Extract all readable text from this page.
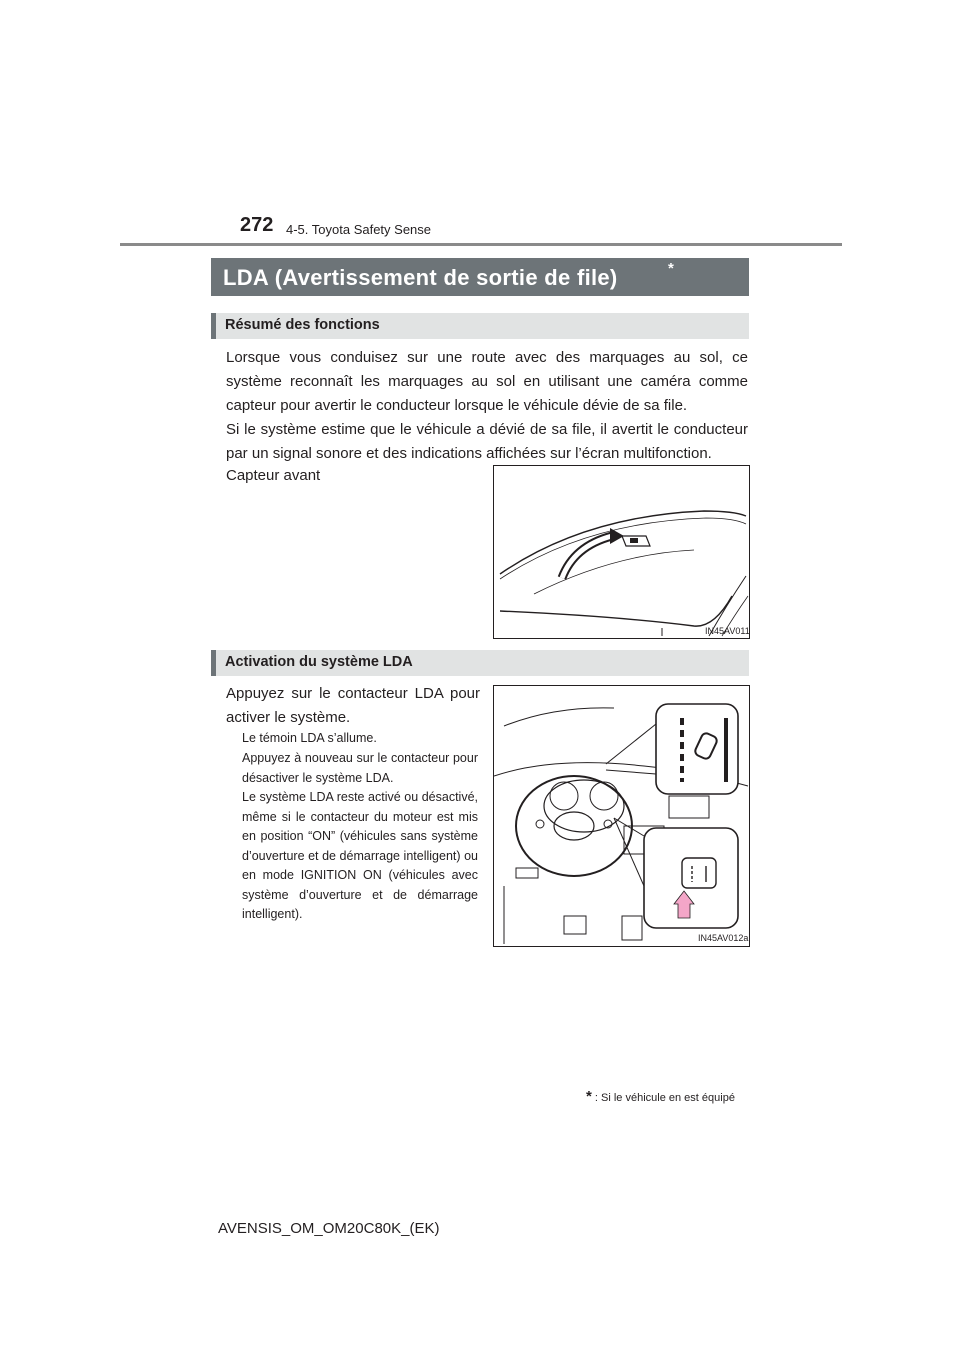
272 4-5. Toyota Safety Sense
LDA (Avertissement de sortie de file)	*
Résumé des fonctions
Lorsque vous conduisez sur une route avec des marquages au sol, ce système reconnaît les marquages au sol en utilisant une caméra comme capteur pour avertir le conducteur lorsque le véhicule dévie de sa file.
Si le système estime que le véhicule a dévié de sa file, il avertit le conducteur par un signal sonore et des indications affichées sur l’écran multifonction.
Capteur avant
IN45AV011
Activation du système LDA
Appuyez sur le contacteur LDA pour activer le système.
Le témoin LDA s’allume.
Appuyez à nouveau sur le contacteur pour désactiver le système LDA.
Le système LDA reste activé ou désactivé, même si le contacteur du moteur est mis en position “ON” (véhicules sans système d’ouverture et de démarrage intelligent) ou en mode IGNITION ON (véhicules avec système d’ouverture et de démarrage intelligent).
IN45AV012a
* : Si le véhicule en est équipé
AVENSIS_OM_OM20C80K_(EK)
